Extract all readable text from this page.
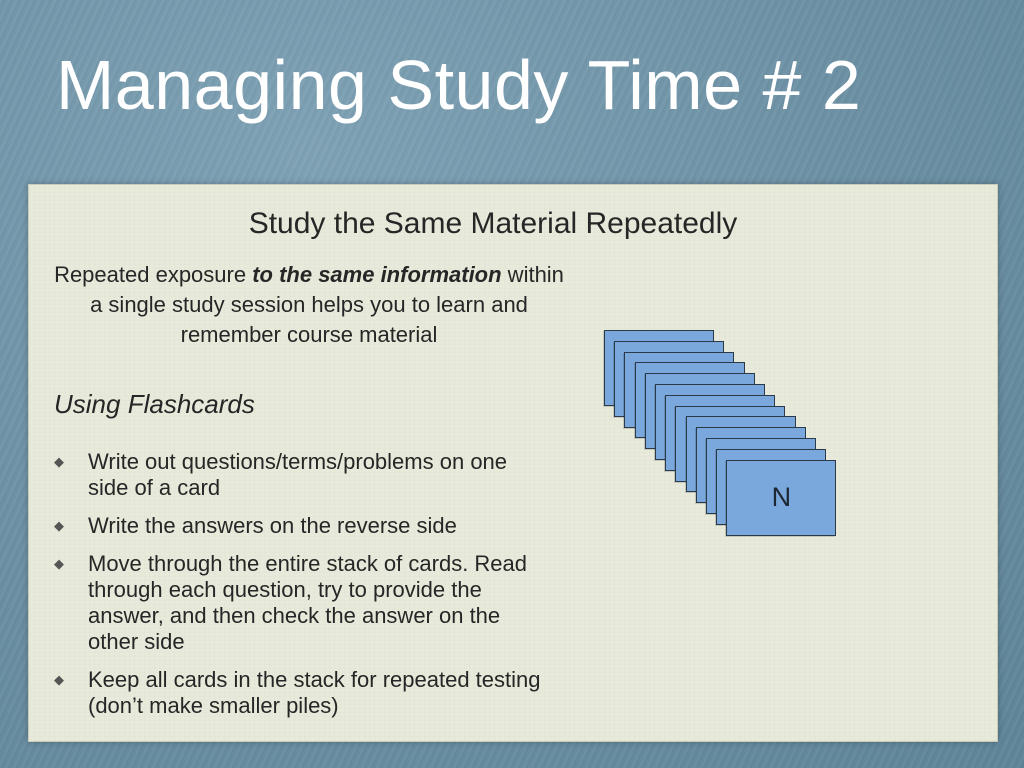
Managing Study Time # 2
Study the Same Material Repeatedly

Repeated exposure to the same information within a single study session helps you to learn and remember course material

Using Flashcards
◆ Write out questions/terms/problems on one side of a card
◆ Write the answers on the reverse side
◆ Move through the entire stack of cards. Read through each question, try to provide the answer, and then check the answer on the other side
◆ Keep all cards in the stack for repeated testing (don’t make smaller piles)
N
